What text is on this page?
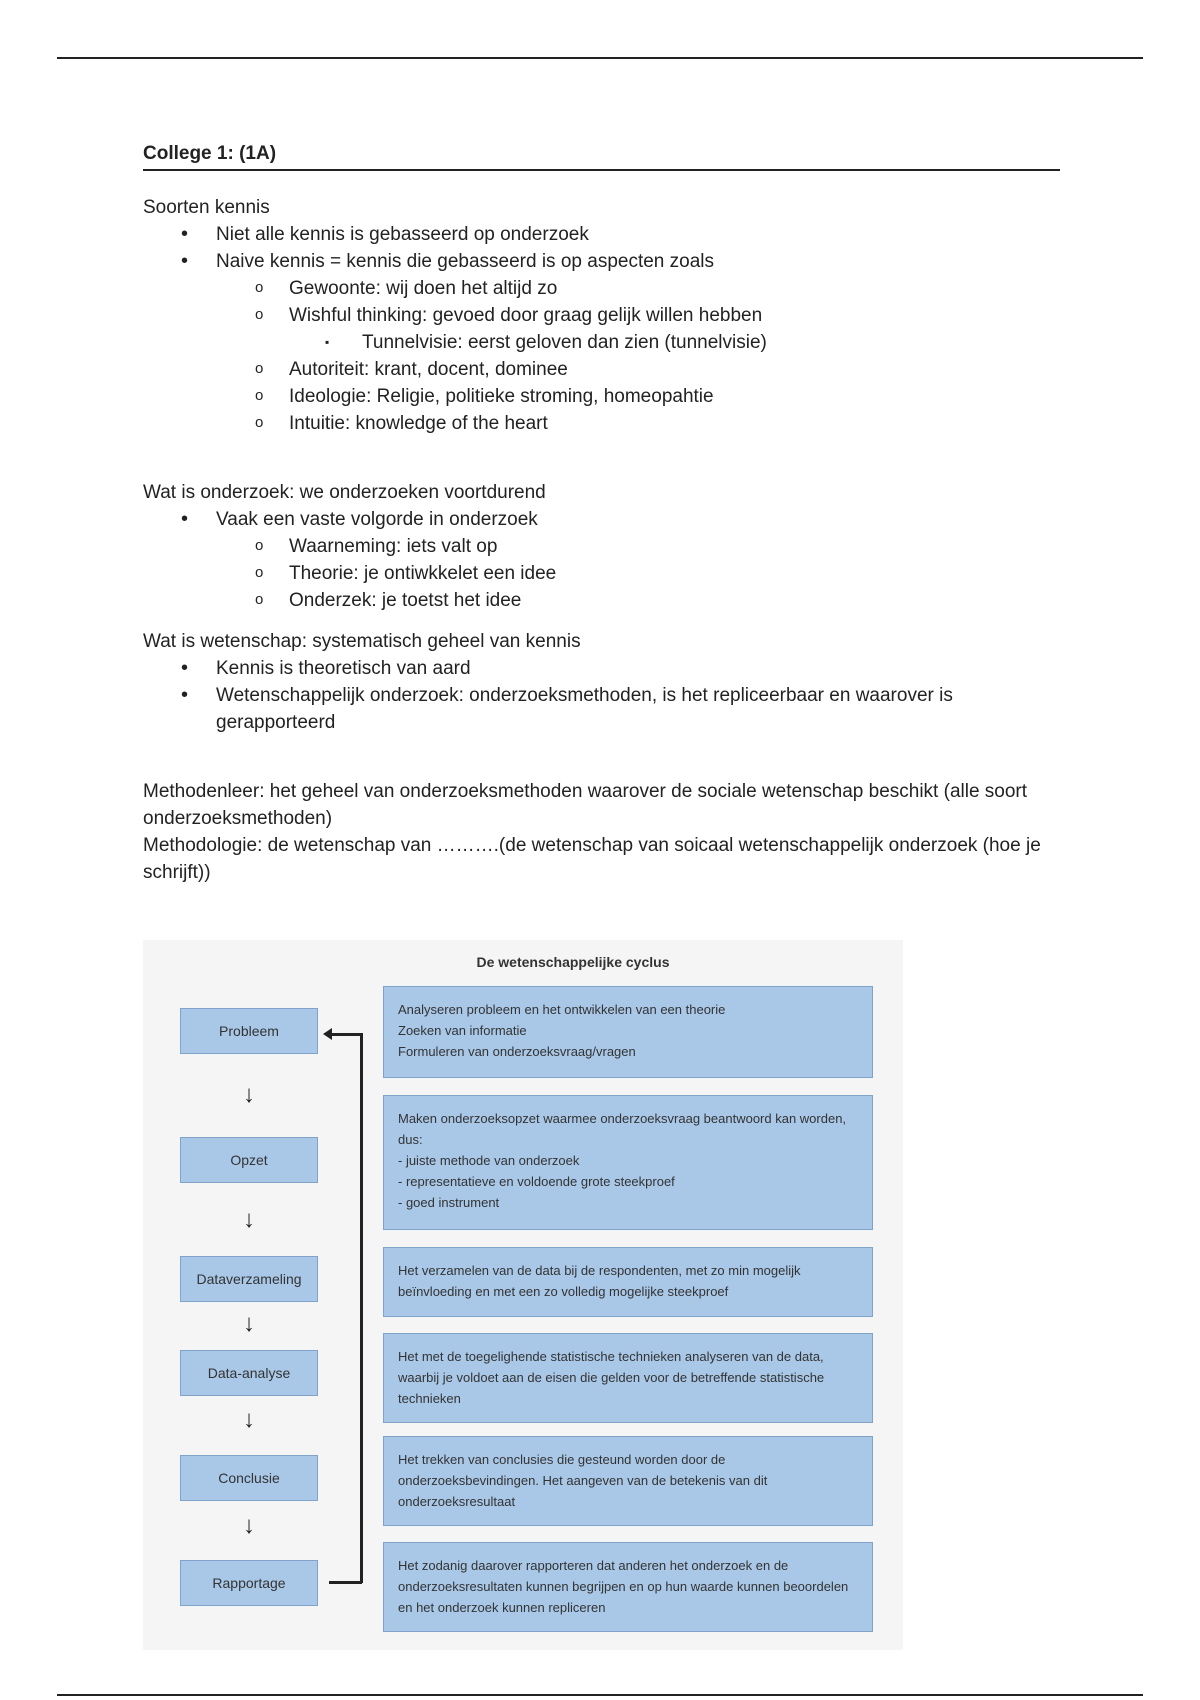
College 1: (1A)

Soorten kennis

• Niet alle kennis is gebasseerd op onderzoek
• Naive kennis = kennis die gebasseerd is op aspecten zoals
o Gewoonte: wij doen het altijd zo
o Wishful thinking: gevoed door graag gelijk willen hebben
▪ Tunnelvisie: eerst geloven dan zien (tunnelvisie)
o Autoriteit: krant, docent, dominee
o Ideologie: Religie, politieke stroming, homeopahtie
o Intuitie: knowledge of the heart

Wat is onderzoek: we onderzoeken voortdurend

• Vaak een vaste volgorde in onderzoek
o Waarneming: iets valt op
o Theorie: je ontiwkkelet een idee
o Onderzek: je toetst het idee

Wat is wetenschap: systematisch geheel van kennis

• Kennis is theoretisch van aard
• Wetenschappelijk onderzoek: onderzoeksmethoden, is het repliceerbaar en waarover is gerapporteerd

Methodenleer: het geheel van onderzoeksmethoden waarover de sociale wetenschap beschikt (alle soort onderzoeksmethoden)

Methodologie: de wetenschap van ……….(de wetenschap van soicaal wetenschappelijk onderzoek (hoe je schrijft))

De wetenschappelijke cyclus
Probleem
↓
Opzet
↓
Dataverzameling
↓
Data-analyse
↓
Conclusie
↓
Rapportage
Analyseren probleem en het ontwikkelen van een theorie
Zoeken van informatie
Formuleren van onderzoeksvraag/vragen
Maken onderzoeksopzet waarmee onderzoeksvraag beantwoord kan worden, dus:
- juiste methode van onderzoek
- representatieve en voldoende grote steekproef
- goed instrument
Het verzamelen van de data bij de respondenten, met zo min mogelijk beïnvloeding en met een zo volledig mogelijke steekproef
Het met de toegelighende statistische technieken analyseren van de data, waarbij je voldoet aan de eisen die gelden voor de betreffende statistische technieken
Het trekken van conclusies die gesteund worden door de onderzoeksbevindingen. Het aangeven van de betekenis van dit onderzoeksresultaat
Het zodanig daarover rapporteren dat anderen het onderzoek en de onderzoeksresultaten kunnen begrijpen en op hun waarde kunnen beoordelen en het onderzoek kunnen repliceren
